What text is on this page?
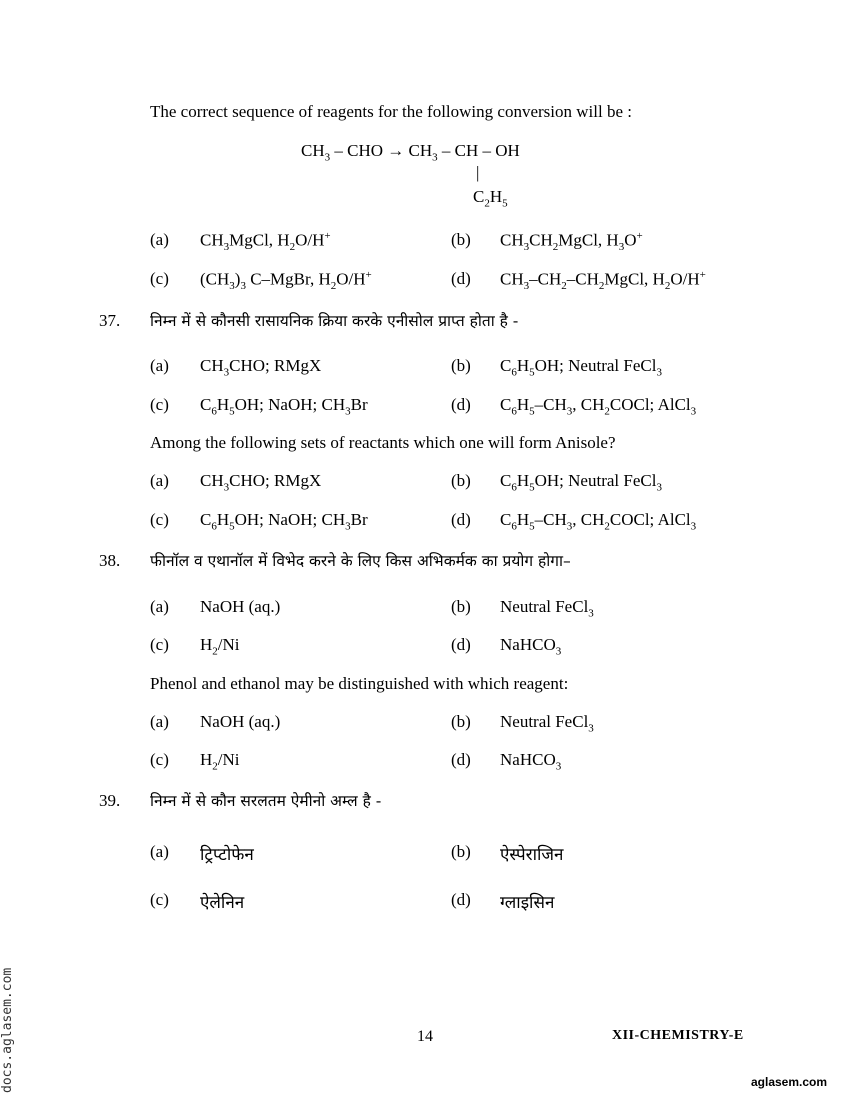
The correct sequence of reagents for the following conversion will be :
$CH_3$ – CHO → $CH_3$ – CH – OH
|
$C_2H_5$
(a) $CH_3MgCl$, $H_2O/H^+$	(b) $CH_3CH_2MgCl$, $H_3O^+$
(c) $(CH_3)_3$ C–MgBr, $H_2O/H^+$	(d) $CH_3-CH_2-CH_2MgCl$, $H_2O/H^+$
37. निम्न में से कौनसी रासायनिक क्रिया करके एनीसोल प्राप्त होता है -
(a) $CH_3CHO$; RMgX	(b) $C_6H_5OH$; Neutral FeCl$_3$
(c) $C_6H_5OH$; NaOH; $CH_3Br$	(d) $C_6H_5-CH_3$, $CH_2COCl$; AlCl$_3$
Among the following sets of reactants which one will form Anisole?
(a) $CH_3CHO$; RMgX	(b) $C_6H_5OH$; Neutral FeCl$_3$
(c) $C_6H_5OH$; NaOH; $CH_3Br$	(d) $C_6H_5-CH_3$, $CH_2COCl$; AlCl$_3$
38. फीनॉल व एथानॉल में विभेद करने के लिए किस अभिकर्मक का प्रयोग होगा–
(a) NaOH (aq.)	(b) Neutral FeCl$_3$
(c) $H_2/Ni$	(d) NaHCO$_3$
Phenol and ethanol may be distinguished with which reagent:
(a) NaOH (aq.)	(b) Neutral FeCl$_3$
(c) $H_2/Ni$	(d) NaHCO$_3$
39. निम्न में से कौन सरलतम ऐमीनो अम्ल है -
(a) ट्रिप्टोफेन	(b) ऐस्पेराजिन
(c) ऐलेनिन	(d) ग्लाइसिन
14	XII-CHEMISTRY-E
aglasem.com
docs.aglasem.com
